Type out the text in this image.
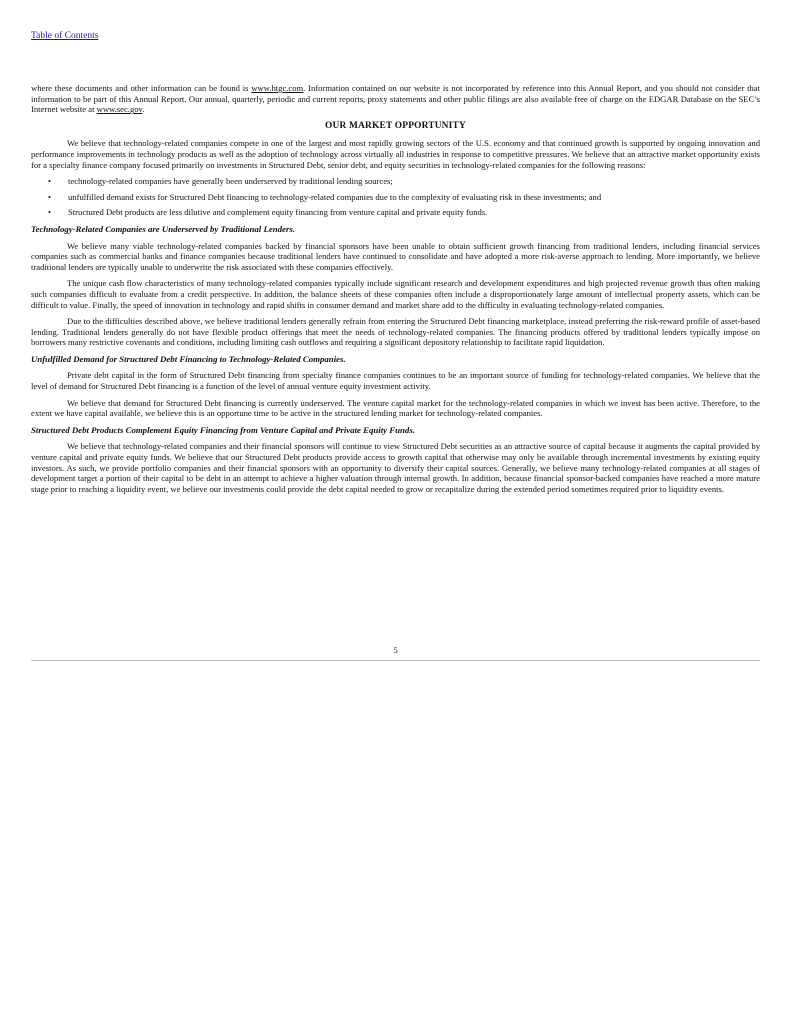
Table of Contents

where these documents and other information can be found is www.htgc.com. Information contained on our website is not incorporated by reference into this Annual Report, and you should not consider that information to be part of this Annual Report. Our annual, quarterly, periodic and current reports, proxy statements and other public filings are also available free of charge on the EDGAR Database on the SEC’s Internet website at www.sec.gov.

OUR MARKET OPPORTUNITY

We believe that technology-related companies compete in one of the largest and most rapidly growing sectors of the U.S. economy and that continued growth is supported by ongoing innovation and performance improvements in technology products as well as the adoption of technology across virtually all industries in response to competitive pressures. We believe that an attractive market opportunity exists for a specialty finance company focused primarily on investments in Structured Debt, senior debt, and equity securities in technology-related companies for the following reasons:

• technology-related companies have generally been underserved by traditional lending sources;
• unfulfilled demand exists for Structured Debt financing to technology-related companies due to the complexity of evaluating risk in these investments; and
• Structured Debt products are less dilutive and complement equity financing from venture capital and private equity funds.
Technology-Related Companies are Underserved by Traditional Lenders.

We believe many viable technology-related companies backed by financial sponsors have been unable to obtain sufficient growth financing from traditional lenders, including financial services companies such as commercial banks and finance companies because traditional lenders have continued to consolidate and have adopted a more risk-averse approach to lending. More importantly, we believe traditional lenders are typically unable to underwrite the risk associated with these companies effectively.

The unique cash flow characteristics of many technology-related companies typically include significant research and development expenditures and high projected revenue growth thus often making such companies difficult to evaluate from a credit perspective. In addition, the balance sheets of these companies often include a disproportionately large amount of intellectual property assets, which can be difficult to value. Finally, the speed of innovation in technology and rapid shifts in consumer demand and market share add to the difficulty in evaluating technology-related companies.

Due to the difficulties described above, we believe traditional lenders generally refrain from entering the Structured Debt financing marketplace, instead preferring the risk-reward profile of asset-based lending. Traditional lenders generally do not have flexible product offerings that meet the needs of technology-related companies. The financing products offered by traditional lenders typically impose on borrowers many restrictive covenants and conditions, including limiting cash outflows and requiring a significant depository relationship to facilitate rapid liquidation.

Unfulfilled Demand for Structured Debt Financing to Technology-Related Companies.

Private debt capital in the form of Structured Debt financing from specialty finance companies continues to be an important source of funding for technology-related companies. We believe that the level of demand for Structured Debt financing is a function of the level of annual venture equity investment activity.

We believe that demand for Structured Debt financing is currently underserved. The venture capital market for the technology-related companies in which we invest has been active. Therefore, to the extent we have capital available, we believe this is an opportune time to be active in the structured lending market for technology-related companies.

Structured Debt Products Complement Equity Financing from Venture Capital and Private Equity Funds.

We believe that technology-related companies and their financial sponsors will continue to view Structured Debt securities as an attractive source of capital because it augments the capital provided by venture capital and private equity funds. We believe that our Structured Debt products provide access to growth capital that otherwise may only be available through incremental investments by existing equity investors. As such, we provide portfolio companies and their financial sponsors with an opportunity to diversify their capital sources. Generally, we believe many technology-related companies at all stages of development target a portion of their capital to be debt in an attempt to achieve a higher valuation through internal growth. In addition, because financial sponsor-backed companies have reached a more mature stage prior to reaching a liquidity event, we believe our investments could provide the debt capital needed to grow or recapitalize during the extended period sometimes required prior to liquidity events.

5
